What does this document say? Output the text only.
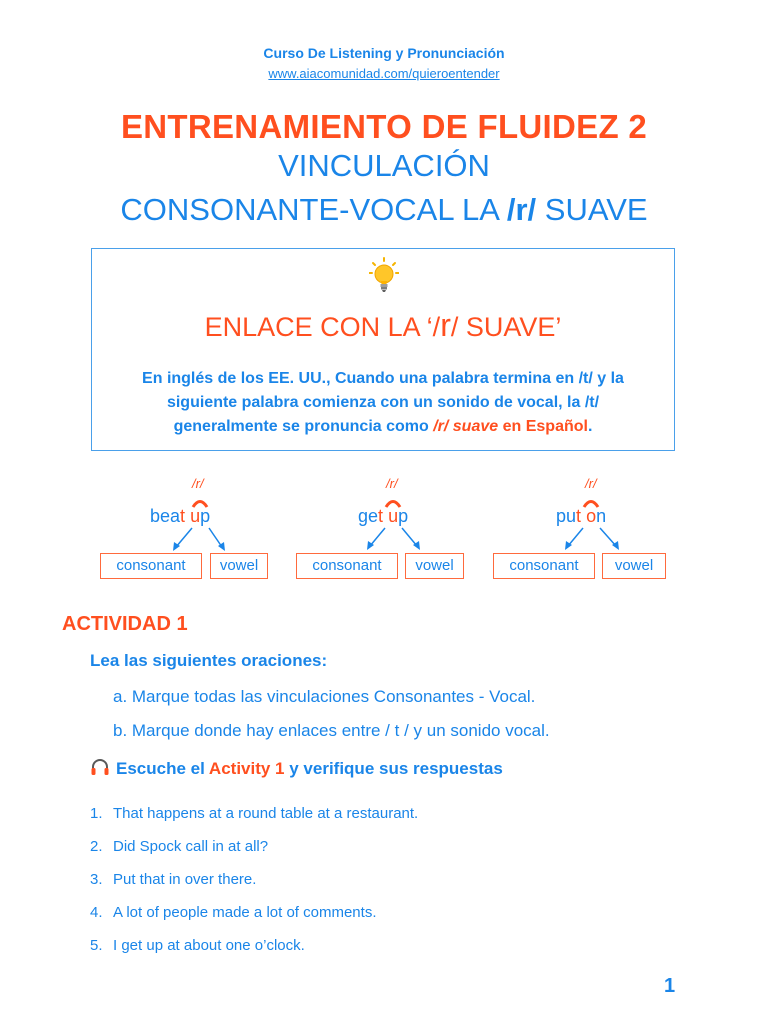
Curso De Listening y Pronunciación
www.aiacomunidad.com/quieroentender
ENTRENAMIENTO DE FLUIDEZ 2
VINCULACIÓN
CONSONANTE-VOCAL LA /r/ SUAVE
ENLACE CON LA ‘/r/ SUAVE’
En inglés de los EE. UU., Cuando una palabra termina en /t/ y la
siguiente palabra comienza con un sonido de vocal, la /t/
generalmente se pronuncia como /r/ suave en Español.
/r/
beat up
consonant	vowel
/r/
get up
consonant	vowel
/r/
put on
consonant	vowel
ACTIVIDAD 1
Lea las siguientes oraciones:
a. Marque todas las vinculaciones Consonantes - Vocal.
b. Marque donde hay enlaces entre / t / y un sonido vocal.
Escuche el Activity 1 y verifique sus respuestas
1. That happens at a round table at a restaurant.
2. Did Spock call in at all?
3. Put that in over there.
4. A lot of people made a lot of comments.
5. I get up at about one o’clock.
1
